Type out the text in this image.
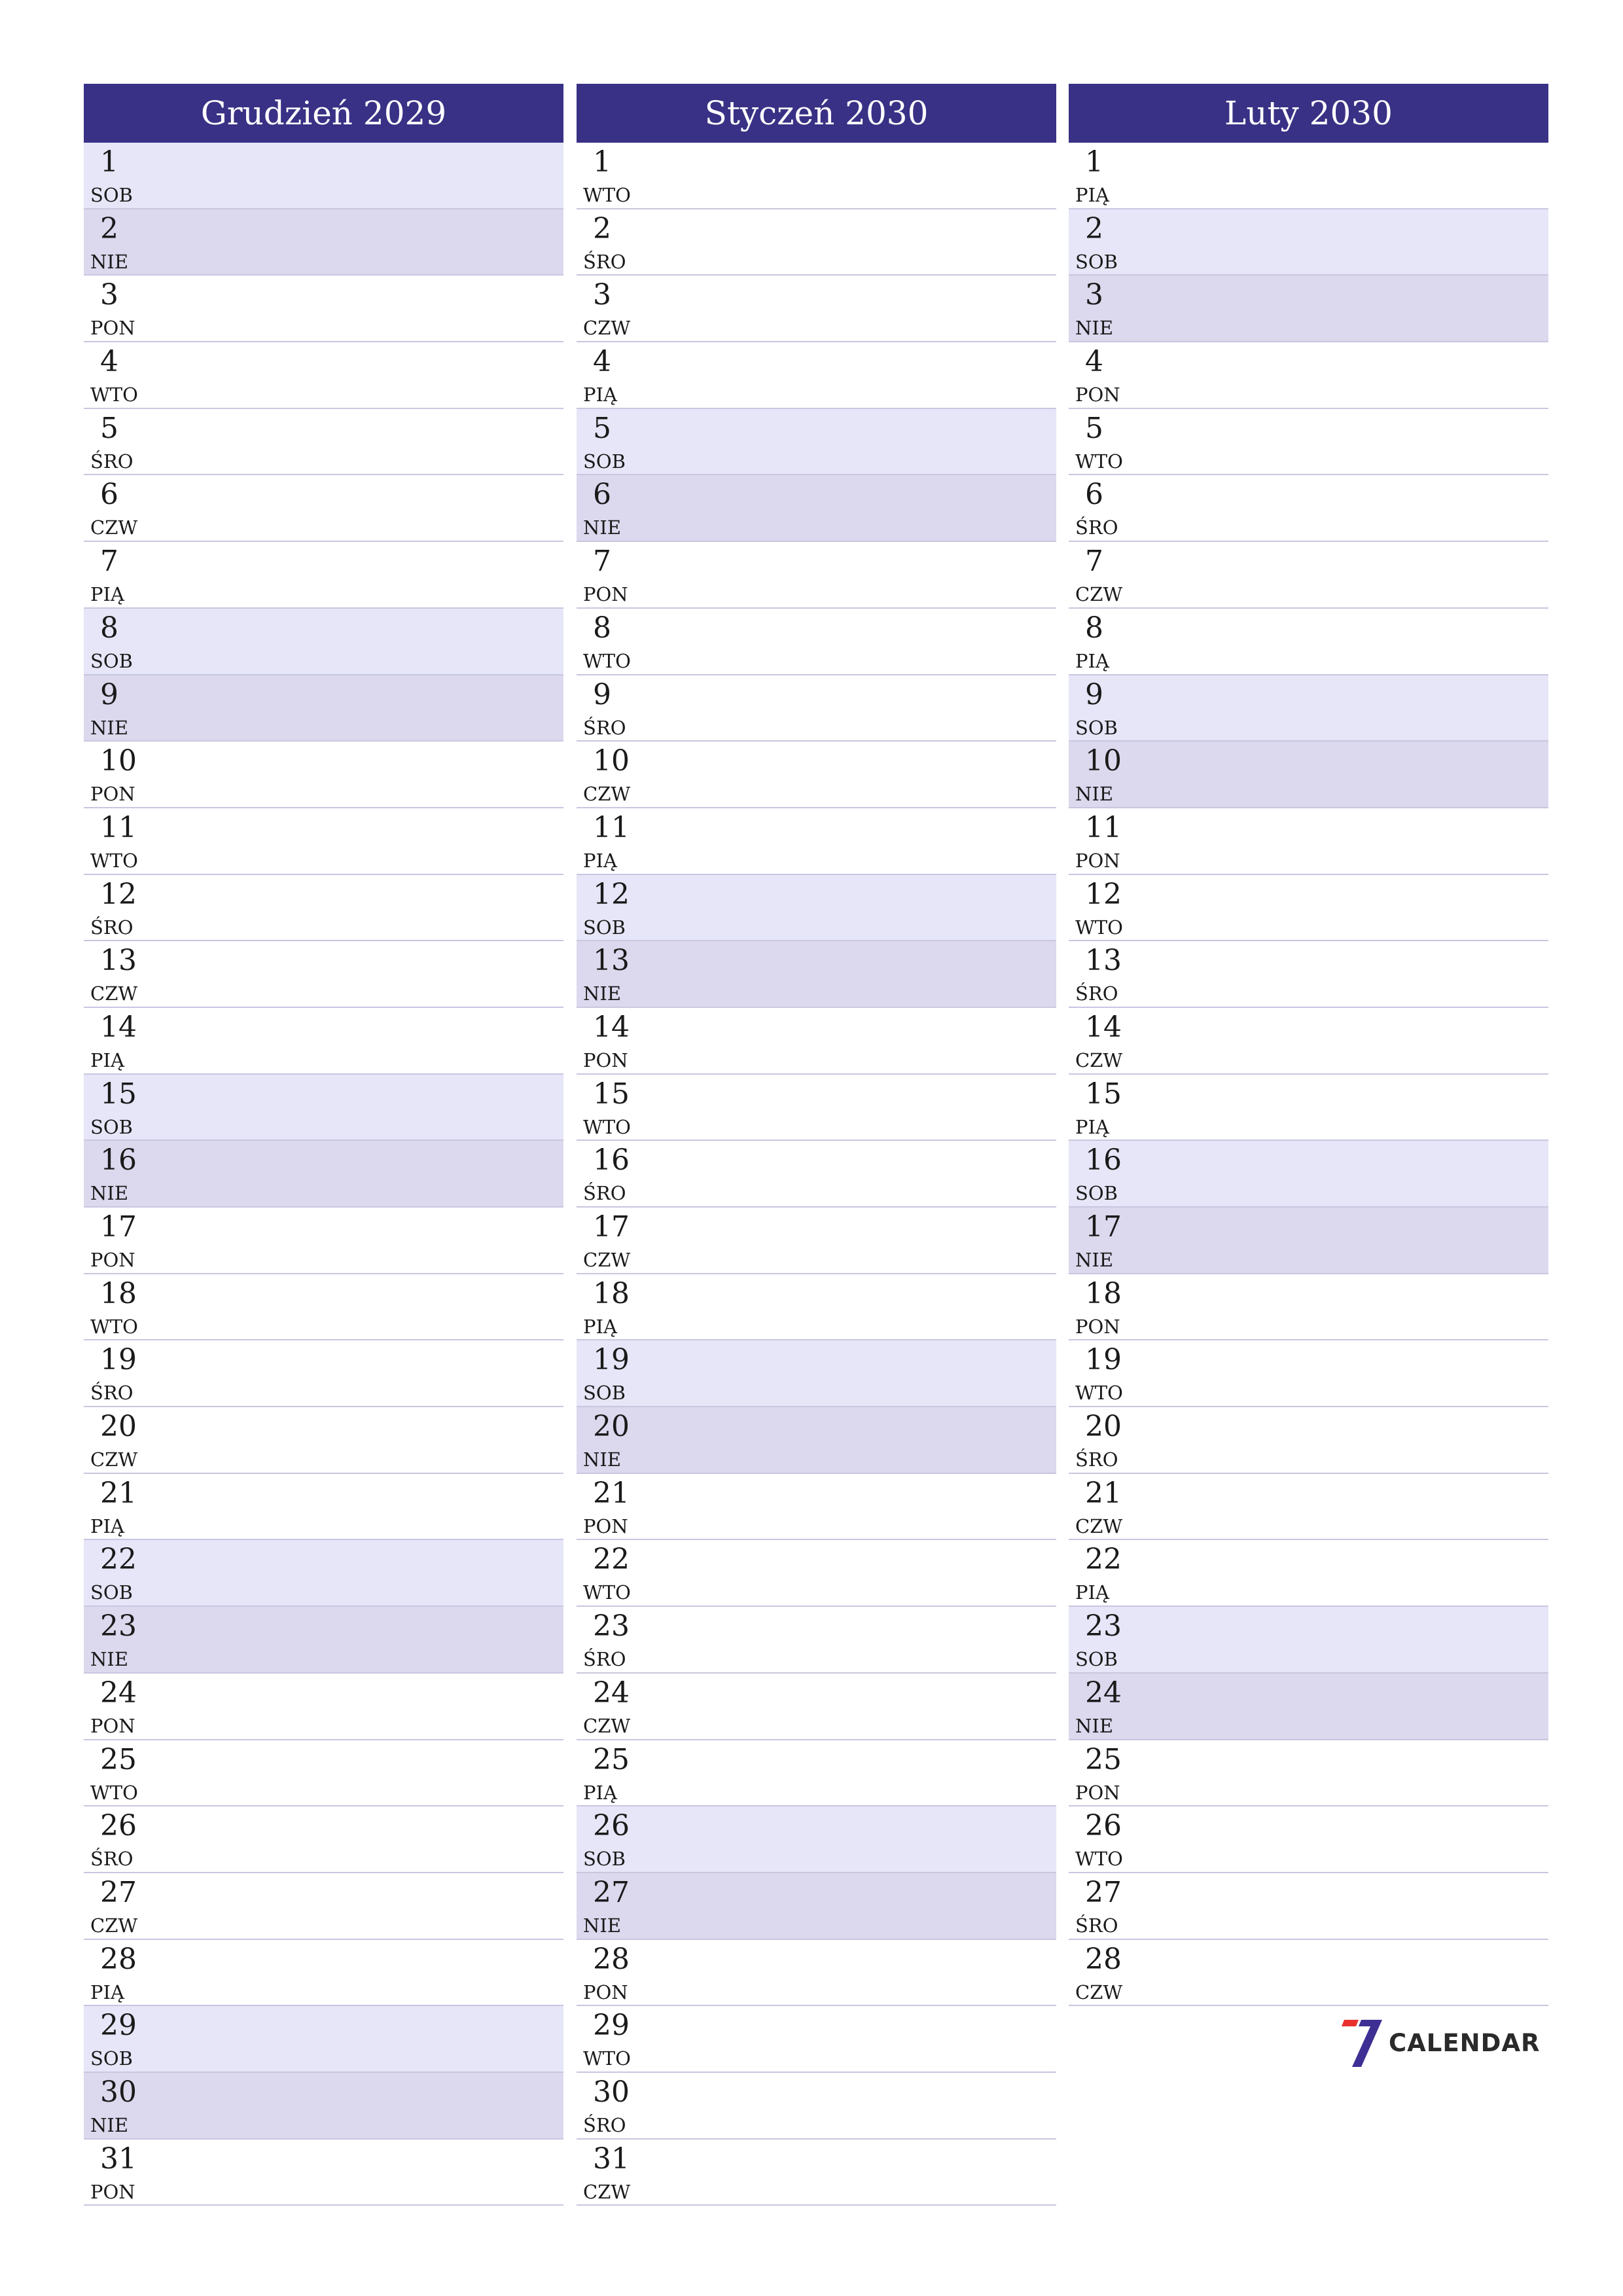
Grudzień 2029
1
SOB
2
NIE
3
PON
4
WTO
5
ŚRO
6
CZW
7
PIĄ
8
SOB
9
NIE
10
PON
11
WTO
12
ŚRO
13
CZW
14
PIĄ
15
SOB
16
NIE
17
PON
18
WTO
19
ŚRO
20
CZW
21
PIĄ
22
SOB
23
NIE
24
PON
25
WTO
26
ŚRO
27
CZW
28
PIĄ
29
SOB
30
NIE
31
PON
Styczeń 2030
1
WTO
2
ŚRO
3
CZW
4
PIĄ
5
SOB
6
NIE
7
PON
8
WTO
9
ŚRO
10
CZW
11
PIĄ
12
SOB
13
NIE
14
PON
15
WTO
16
ŚRO
17
CZW
18
PIĄ
19
SOB
20
NIE
21
PON
22
WTO
23
ŚRO
24
CZW
25
PIĄ
26
SOB
27
NIE
28
PON
29
WTO
30
ŚRO
31
CZW
Luty 2030
1
PIĄ
2
SOB
3
NIE
4
PON
5
WTO
6
ŚRO
7
CZW
8
PIĄ
9
SOB
10
NIE
11
PON
12
WTO
13
ŚRO
14
CZW
15
PIĄ
16
SOB
17
NIE
18
PON
19
WTO
20
ŚRO
21
CZW
22
PIĄ
23
SOB
24
NIE
25
PON
26
WTO
27
ŚRO
28
CZW
CALENDAR
